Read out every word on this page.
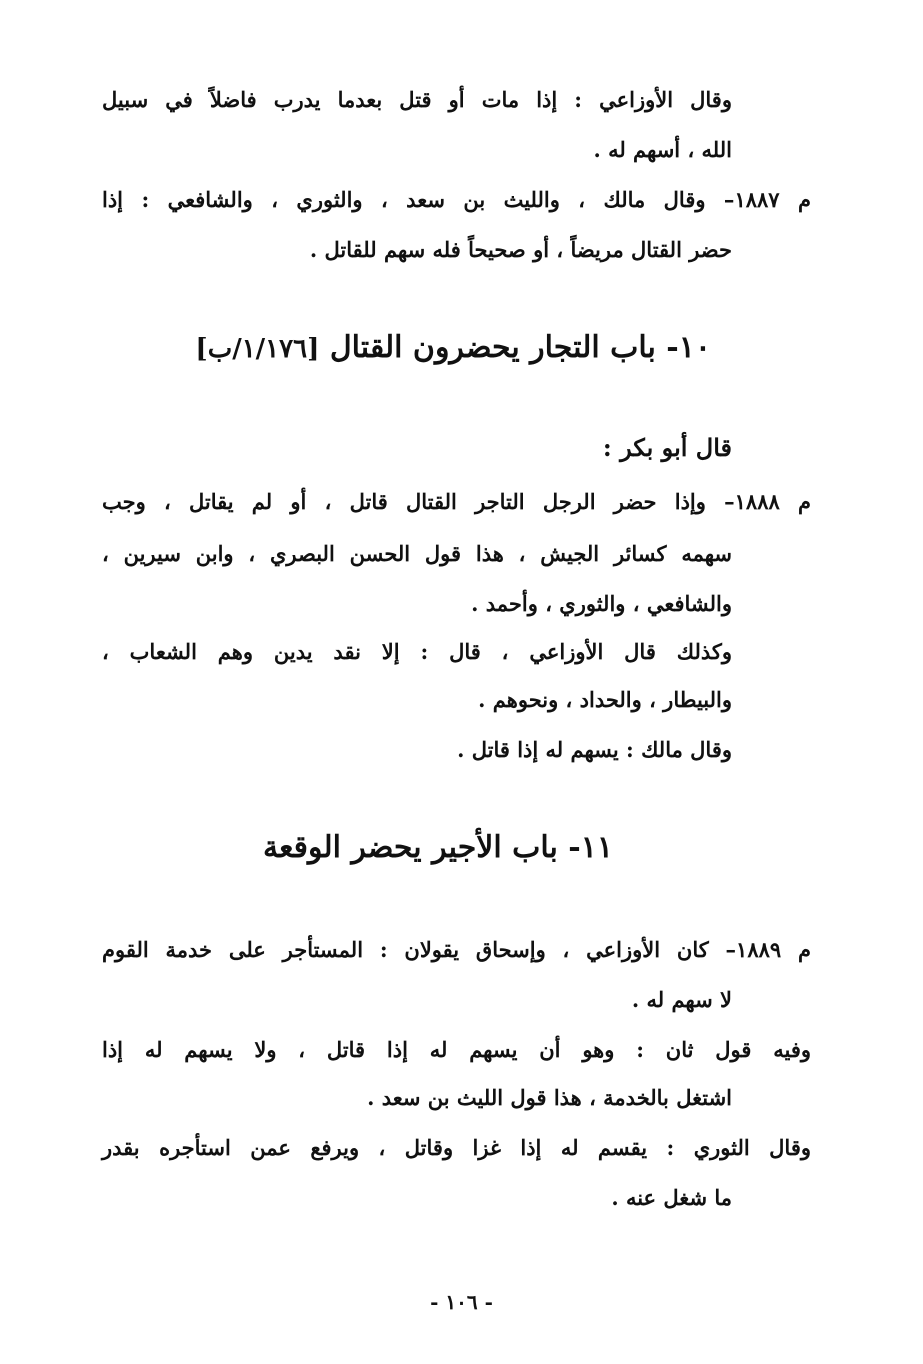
وقال الأوزاعي : إذا مات أو قتل بعدما يدرب فاضلاً في سبيل
الله ، أسهم له .
م ١٨٨٧– وقال مالك ، والليث بن سعد ، والثوري ، والشافعي : إذا
حضر القتال مريضاً ، أو صحيحاً فله سهم للقاتل .
١٠- باب التجار يحضرون القتال [١/١٧٦/ب]
قال أبو بكر :
م ١٨٨٨– وإذا حضر الرجل التاجر القتال قاتل ، أو لم يقاتل ، وجب
سهمه كسائر الجيش ، هذا قول الحسن البصري ، وابن سيرين ،
والشافعي ، والثوري ، وأحمد .
وكذلك قال الأوزاعي ، قال : إلا نقد يدين وهم الشعاب ،
والبيطار ، والحداد ، ونحوهم .
وقال مالك : يسهم له إذا قاتل .
١١- باب الأجير يحضر الوقعة
م ١٨٨٩– كان الأوزاعي ، وإسحاق يقولان : المستأجر على خدمة القوم
لا سهم له .
وفيه قول ثان : وهو أن يسهم له إذا قاتل ، ولا يسهم له إذا
اشتغل بالخدمة ، هذا قول الليث بن سعد .
وقال الثوري : يقسم له إذا غزا وقاتل ، ويرفع عمن استأجره بقدر
ما شغل عنه .
- ١٠٦ -
